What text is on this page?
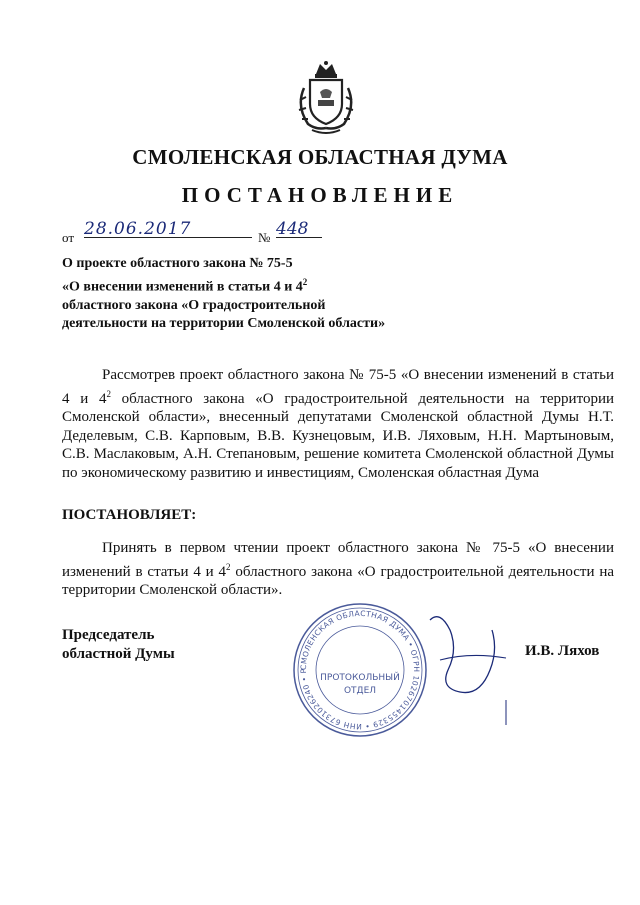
СМОЛЕНСКАЯ ОБЛАСТНАЯ ДУМА
ПОСТАНОВЛЕНИЕ
от 28.06.2017	№ 448
О проекте областного закона № 75-5
«О внесении изменений в статьи 4 и $4^2$
областного закона «О градостроительной
деятельности на территории Смоленской области»

Рассмотрев проект областного закона № 75-5 «О внесении изменений в статьи 4 и $4^2$ областного закона «О градостроительной деятельности на территории Смоленской области», внесенный депутатами Смоленской областной Думы Н.Т. Деделевым, С.В. Карповым, В.В. Кузнецовым, И.В. Ляховым, Н.Н. Мартыновым, С.В. Маслаковым, А.Н. Степановым, решение комитета Смоленской областной Думы по экономическому развитию и инвестициям, Смоленская областная Дума

ПОСТАНОВЛЯЕТ:

Принять в первом чтении проект областного закона № 75-5 «О внесении изменений в статьи 4 и $4^2$ областного закона «О градостроительной деятельности на территории Смоленской области».

Председатель
областной Думы
СМОЛЕНСКАЯ ОБЛАСТНАЯ ДУМА • ОГРН 1026701455329 • ИНН 6731026240 • Р
ПРОТОКОЛЬНЫЙ
ОТДЕЛ
И.В. Ляхов
